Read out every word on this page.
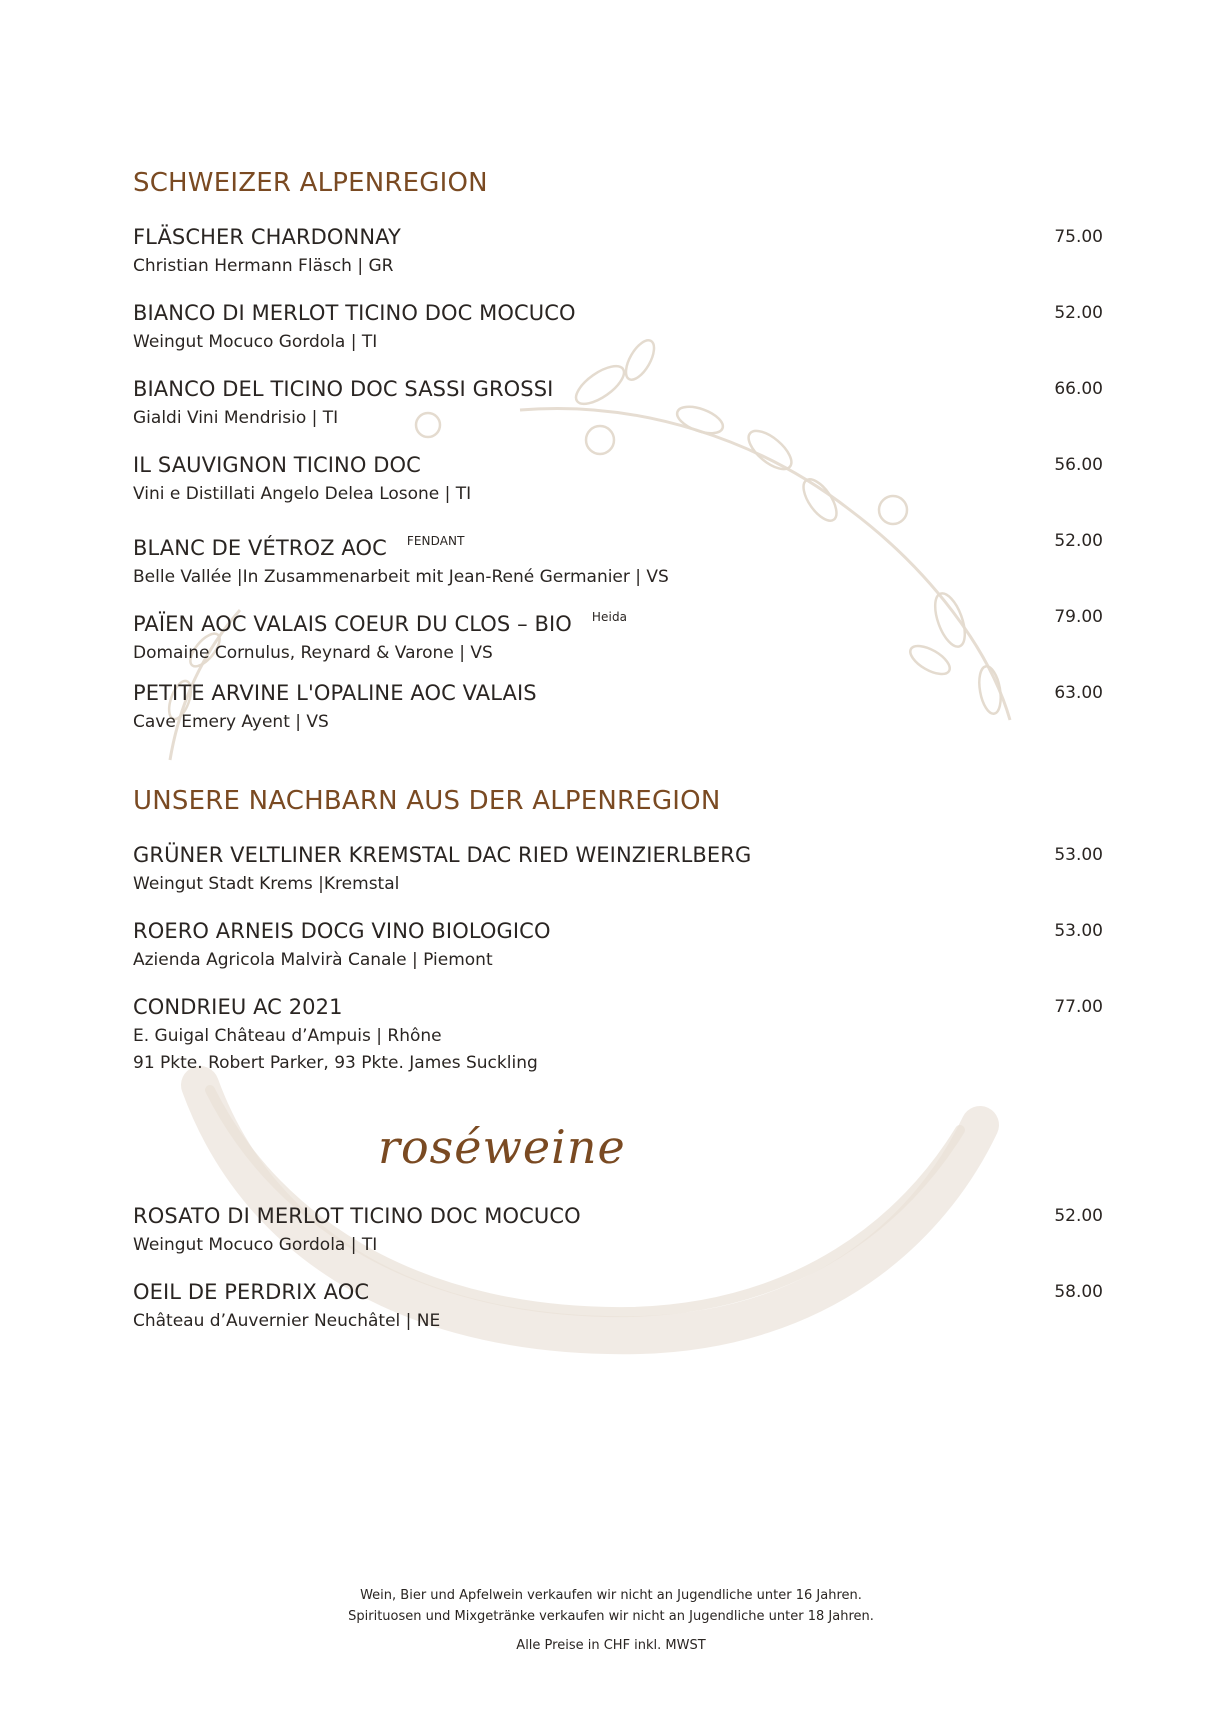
SCHWEIZER ALPENREGION
FLÄSCHER CHARDONNAY
Christian Hermann Fläsch | GR
75.00
BIANCO DI MERLOT TICINO DOC MOCUCO
Weingut Mocuco Gordola | TI
52.00
BIANCO DEL TICINO DOC SASSI GROSSI
Gialdi Vini Mendrisio | TI
66.00
IL SAUVIGNON TICINO DOC
Vini e Distillati Angelo Delea Losone | TI
56.00
BLANC DE VÉTROZ AOC $^{FENDANT}$
Belle Vallée |In Zusammenarbeit mit Jean-René Germanier | VS
52.00
PAÏEN AOC VALAIS COEUR DU CLOS – BIO $^{Heida}$
Domaine Cornulus, Reynard & Varone | VS
79.00
PETITE ARVINE L'OPALINE AOC VALAIS
Cave Emery Ayent | VS
63.00
UNSERE NACHBARN AUS DER ALPENREGION
GRÜNER VELTLINER KREMSTAL DAC RIED WEINZIERLBERG
Weingut Stadt Krems |Kremstal
53.00
ROERO ARNEIS DOCG VINO BIOLOGICO
Azienda Agricola Malvirà Canale | Piemont
53.00
CONDRIEU AC 2021
E. Guigal Château d’Ampuis | Rhône
91 Pkte. Robert Parker, 93 Pkte. James Suckling
77.00
ROSATO DI MERLOT TICINO DOC MOCUCO
Weingut Mocuco Gordola | TI
52.00
OEIL DE PERDRIX AOC
Château d’Auvernier Neuchâtel | NE
58.00
roséweine
Wein, Bier und Apfelwein verkaufen wir nicht an Jugendliche unter 16 Jahren.
Spirituosen und Mixgetränke verkaufen wir nicht an Jugendliche unter 18 Jahren.
Alle Preise in CHF inkl. MWST
